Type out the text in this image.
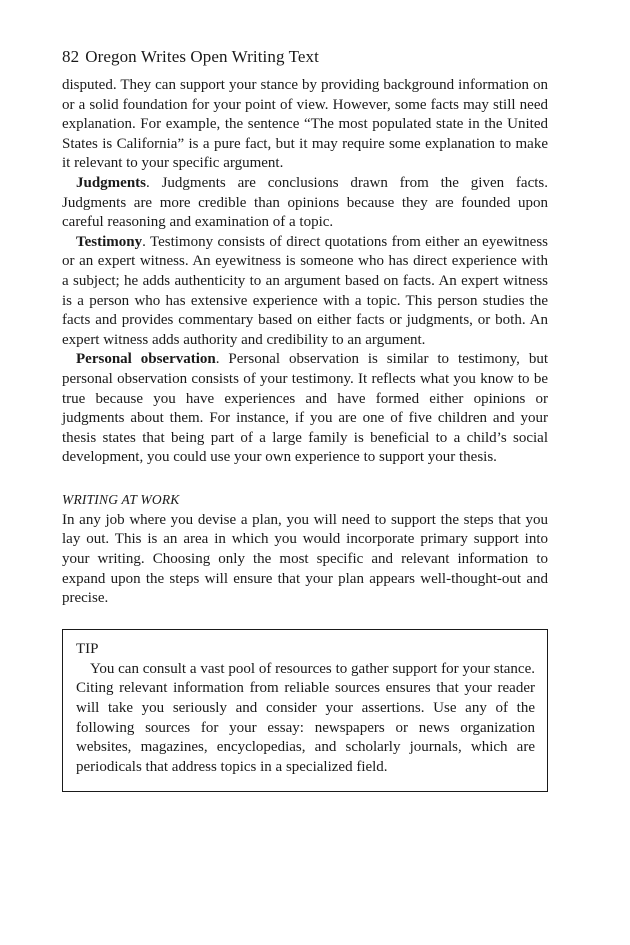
82 Oregon Writes Open Writing Text

disputed. They can support your stance by providing background information on or a solid foundation for your point of view. However, some facts may still need explanation. For example, the sentence “The most populated state in the United States is California” is a pure fact, but it may require some explanation to make it relevant to your specific argument.

Judgments. Judgments are conclusions drawn from the given facts. Judgments are more credible than opinions because they are founded upon careful reasoning and examination of a topic.

Testimony. Testimony consists of direct quotations from either an eyewitness or an expert witness. An eyewitness is someone who has direct experience with a subject; he adds authenticity to an argument based on facts. An expert witness is a person who has extensive experience with a topic. This person studies the facts and provides commentary based on either facts or judgments, or both. An expert witness adds authority and credibility to an argument.

Personal observation. Personal observation is similar to testimony, but personal observation consists of your testimony. It reflects what you know to be true because you have experiences and have formed either opinions or judgments about them. For instance, if you are one of five children and your thesis states that being part of a large family is beneficial to a child’s social development, you could use your own experience to support your thesis.

WRITING AT WORK

In any job where you devise a plan, you will need to support the steps that you lay out. This is an area in which you would incorporate primary support into your writing. Choosing only the most specific and relevant information to expand upon the steps will ensure that your plan appears well-thought-out and precise.

TIP

You can consult a vast pool of resources to gather support for your stance. Citing relevant information from reliable sources ensures that your reader will take you seriously and consider your assertions. Use any of the following sources for your essay: newspapers or news organization websites, magazines, encyclopedias, and scholarly journals, which are periodicals that address topics in a specialized field.
